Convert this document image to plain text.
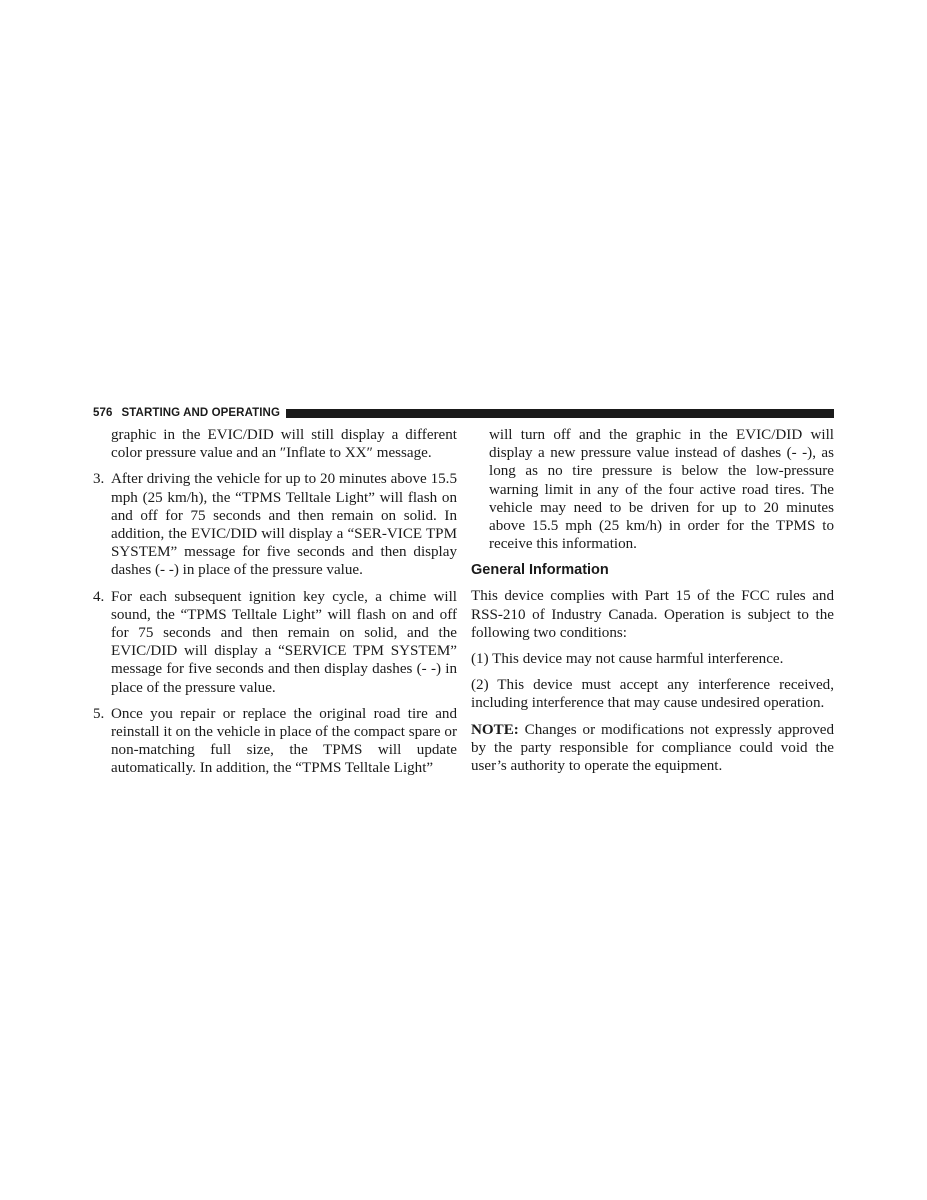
576 STARTING AND OPERATING

graphic in the EVIC/DID will still display a different color pressure value and an ″Inflate to XX″ message.

3. After driving the vehicle for up to 20 minutes above 15.5 mph (25 km/h), the “TPMS Telltale Light” will flash on and off for 75 seconds and then remain on solid. In addition, the EVIC/DID will display a “SER-VICE TPM SYSTEM” message for five seconds and then display dashes (- -) in place of the pressure value.
4. For each subsequent ignition key cycle, a chime will sound, the “TPMS Telltale Light” will flash on and off for 75 seconds and then remain on solid, and the EVIC/DID will display a “SERVICE TPM SYSTEM” message for five seconds and then display dashes (- -) in place of the pressure value.
5. Once you repair or replace the original road tire and reinstall it on the vehicle in place of the compact spare or non-matching full size, the TPMS will update automatically. In addition, the “TPMS Telltale Light”

will turn off and the graphic in the EVIC/DID will display a new pressure value instead of dashes (- -), as long as no tire pressure is below the low-pressure warning limit in any of the four active road tires. The vehicle may need to be driven for up to 20 minutes above 15.5 mph (25 km/h) in order for the TPMS to receive this information.

General Information

This device complies with Part 15 of the FCC rules and RSS-210 of Industry Canada. Operation is subject to the following two conditions:

(1) This device may not cause harmful interference.

(2) This device must accept any interference received, including interference that may cause undesired operation.

NOTE: Changes or modifications not expressly approved by the party responsible for compliance could void the user’s authority to operate the equipment.
